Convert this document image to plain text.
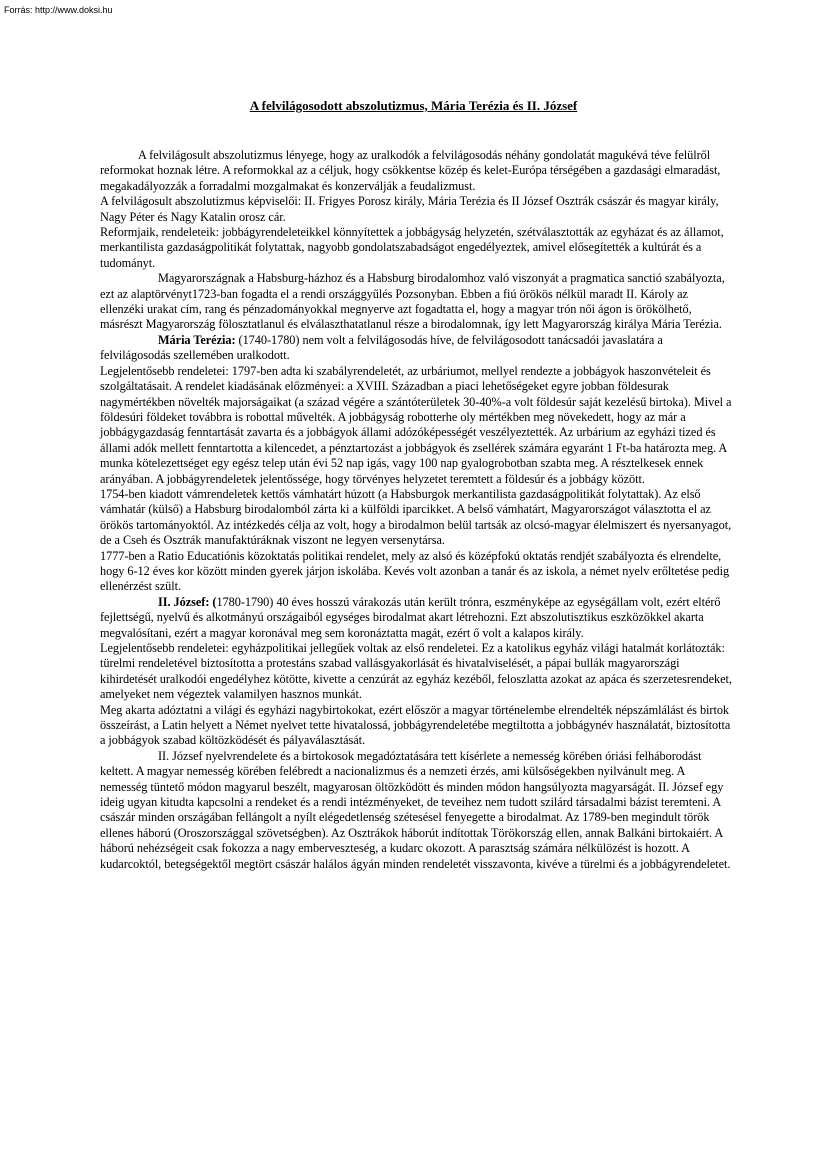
Forrás: http://www.doksi.hu
A felvilágosodott abszolutizmus, Mária Terézia és II. József

A felvilágosult abszolutizmus lényege, hogy az uralkodók a felvilágosodás néhány gondolatát magukévá téve felülről reformokat hoznak létre. A reformokkal az a céljuk, hogy csökkentse közép és kelet-Európa térségében a gazdasági elmaradást, megakadályozzák a forradalmi mozgalmakat és konzerválják a feudalizmust.

A felvilágosult abszolutizmus képviselői: II. Frigyes Porosz király, Mária Terézia és II József Osztrák császár és magyar király, Nagy Péter és Nagy Katalin orosz cár.

Reformjaik, rendeleteik: jobbágyrendeleteikkel könnyítettek a jobbágyság helyzetén, szétválasztották az egyházat és az államot, merkantilista gazdaságpolitikát folytattak, nagyobb gondolatszabadságot engedélyeztek, amivel elősegítették a kultúrát és a tudományt.

Magyarországnak a Habsburg-házhoz és a Habsburg birodalomhoz való viszonyát a pragmatica sanctió szabályozta, ezt az alaptörvényt1723-ban fogadta el a rendi országgyűlés Pozsonyban. Ebben a fiú örökös nélkül maradt II. Károly az ellenzéki urakat cím, rang és pénzadományokkal megnyerve azt fogadtatta el, hogy a magyar trón női ágon is örökölhető, másrészt Magyarország fölosztatlanul és elválaszthatatlanul része a birodalomnak, így lett Magyarország királya Mária Terézia.

Mária Terézia: (1740-1780) nem volt a felvilágosodás híve, de felvilágosodott tanácsadói javaslatára a felvilágosodás szellemében uralkodott.

Legjelentősebb rendeletei: 1797-ben adta ki szabályrendeletét, az urbáriumot, mellyel rendezte a jobbágyok haszonvételeit és szolgáltatásait. A rendelet kiadásának előzményei: a XVIII. Században a piaci lehetőségeket egyre jobban földesurak nagymértékben növelték majorságaikat (a század végére a szántóterületek 30-40%-a volt földesúr saját kezelésű birtoka). Mivel a földesúri földeket továbbra is robottal művelték. A jobbágyság robotterhe oly mértékben meg növekedett, hogy az már a jobbágygazdaság fenntartását zavarta és a jobbágyok állami adózóképességét veszélyeztették. Az urbárium az egyházi tized és állami adók mellett fenntartotta a kilencedet, a pénztartozást a jobbágyok és zsellérek számára egyaránt 1 Ft-ba határozta meg. A munka kötelezettséget egy egész telep után évi 52 nap igás, vagy 100 nap gyalogrobotban szabta meg. A résztelkesek ennek arányában. A jobbágyrendeletek jelentőssége, hogy törvényes helyzetet teremtett a földesúr és a jobbágy között.

1754-ben kiadott vámrendeletek kettős vámhatárt húzott (a Habsburgok merkantilista gazdaságpolitikát folytattak). Az első vámhatár (külső) a Habsburg birodalomból zárta ki a külföldi iparcikket. A belső vámhatárt, Magyarországot választotta el az örökös tartományoktól. Az intézkedés célja az volt, hogy a birodalmon belül tartsák az olcsó-magyar élelmiszert és nyersanyagot, de a Cseh és Osztrák manufaktúráknak viszont ne legyen versenytársa.

1777-ben a Ratio Educatiónis közoktatás politikai rendelet, mely az alsó és középfokú oktatás rendjét szabályozta és elrendelte, hogy 6-12 éves kor között minden gyerek járjon iskolába. Kevés volt azonban a tanár és az iskola, a német nyelv erőltetése pedig ellenérzést szült.

II. József: (1780-1790) 40 éves hosszú várakozás után került trónra, eszményképe az egységállam volt, ezért eltérő fejlettségű, nyelvű és alkotmányú országaiból egységes birodalmat akart létrehozni. Ezt abszolutisztikus eszközökkel akarta megvalósítani, ezért a magyar koronával meg sem koronáztatta magát, ezért ő volt a kalapos király.

Legjelentősebb rendeletei: egyházpolitikai jellegűek voltak az első rendeletei. Ez a katolikus egyház világi hatalmát korlátozták: türelmi rendeletével biztosította a protestáns szabad vallásgyakorlását és hivatalviselését, a pápai bullák magyarországi kihirdetését uralkodói engedélyhez kötötte, kivette a cenzúrát az egyház kezéből, feloszlatta azokat az apáca és szerzetesrendeket, amelyeket nem végeztek valamilyen hasznos munkát.

Meg akarta adóztatni a világi és egyházi nagybirtokokat, ezért először a magyar történelembe elrendelték népszámlálást és birtok összeírást, a Latin helyett a Német nyelvet tette hivatalossá, jobbágyrendeletébe megtiltotta a jobbágynév használatát, biztosította a jobbágyok szabad költözködését és pályaválasztását.

II. József nyelvrendelete és a birtokosok megadóztatására tett kísérlete a nemesség körében óriási felháborodást keltett. A magyar nemesség körében felébredt a nacionalizmus és a nemzeti érzés, ami külsőségekben nyilvánult meg. A nemesség tüntető módon magyarul beszélt, magyarosan öltözködött és minden módon hangsúlyozta magyarságát. II. József egy ideig ugyan kitudta kapcsolni a rendeket és a rendi intézményeket, de teveihez nem tudott szilárd társadalmi bázist teremteni. A császár minden országában fellángolt a nyílt elégedetlenség szétesésel fenyegette a birodalmat. Az 1789-ben megindult török ellenes háború (Oroszországgal szövetségben). Az Osztrákok háborút indítottak Törökország ellen, annak Balkáni birtokaiért. A háború nehézségeit csak fokozza a nagy emberveszteség, a kudarc okozott. A parasztság számára nélkülözést is hozott. A kudarcoktól, betegségektől megtört császár halálos ágyán minden rendeletét visszavonta, kivéve a türelmi és a jobbágyrendeletet.
